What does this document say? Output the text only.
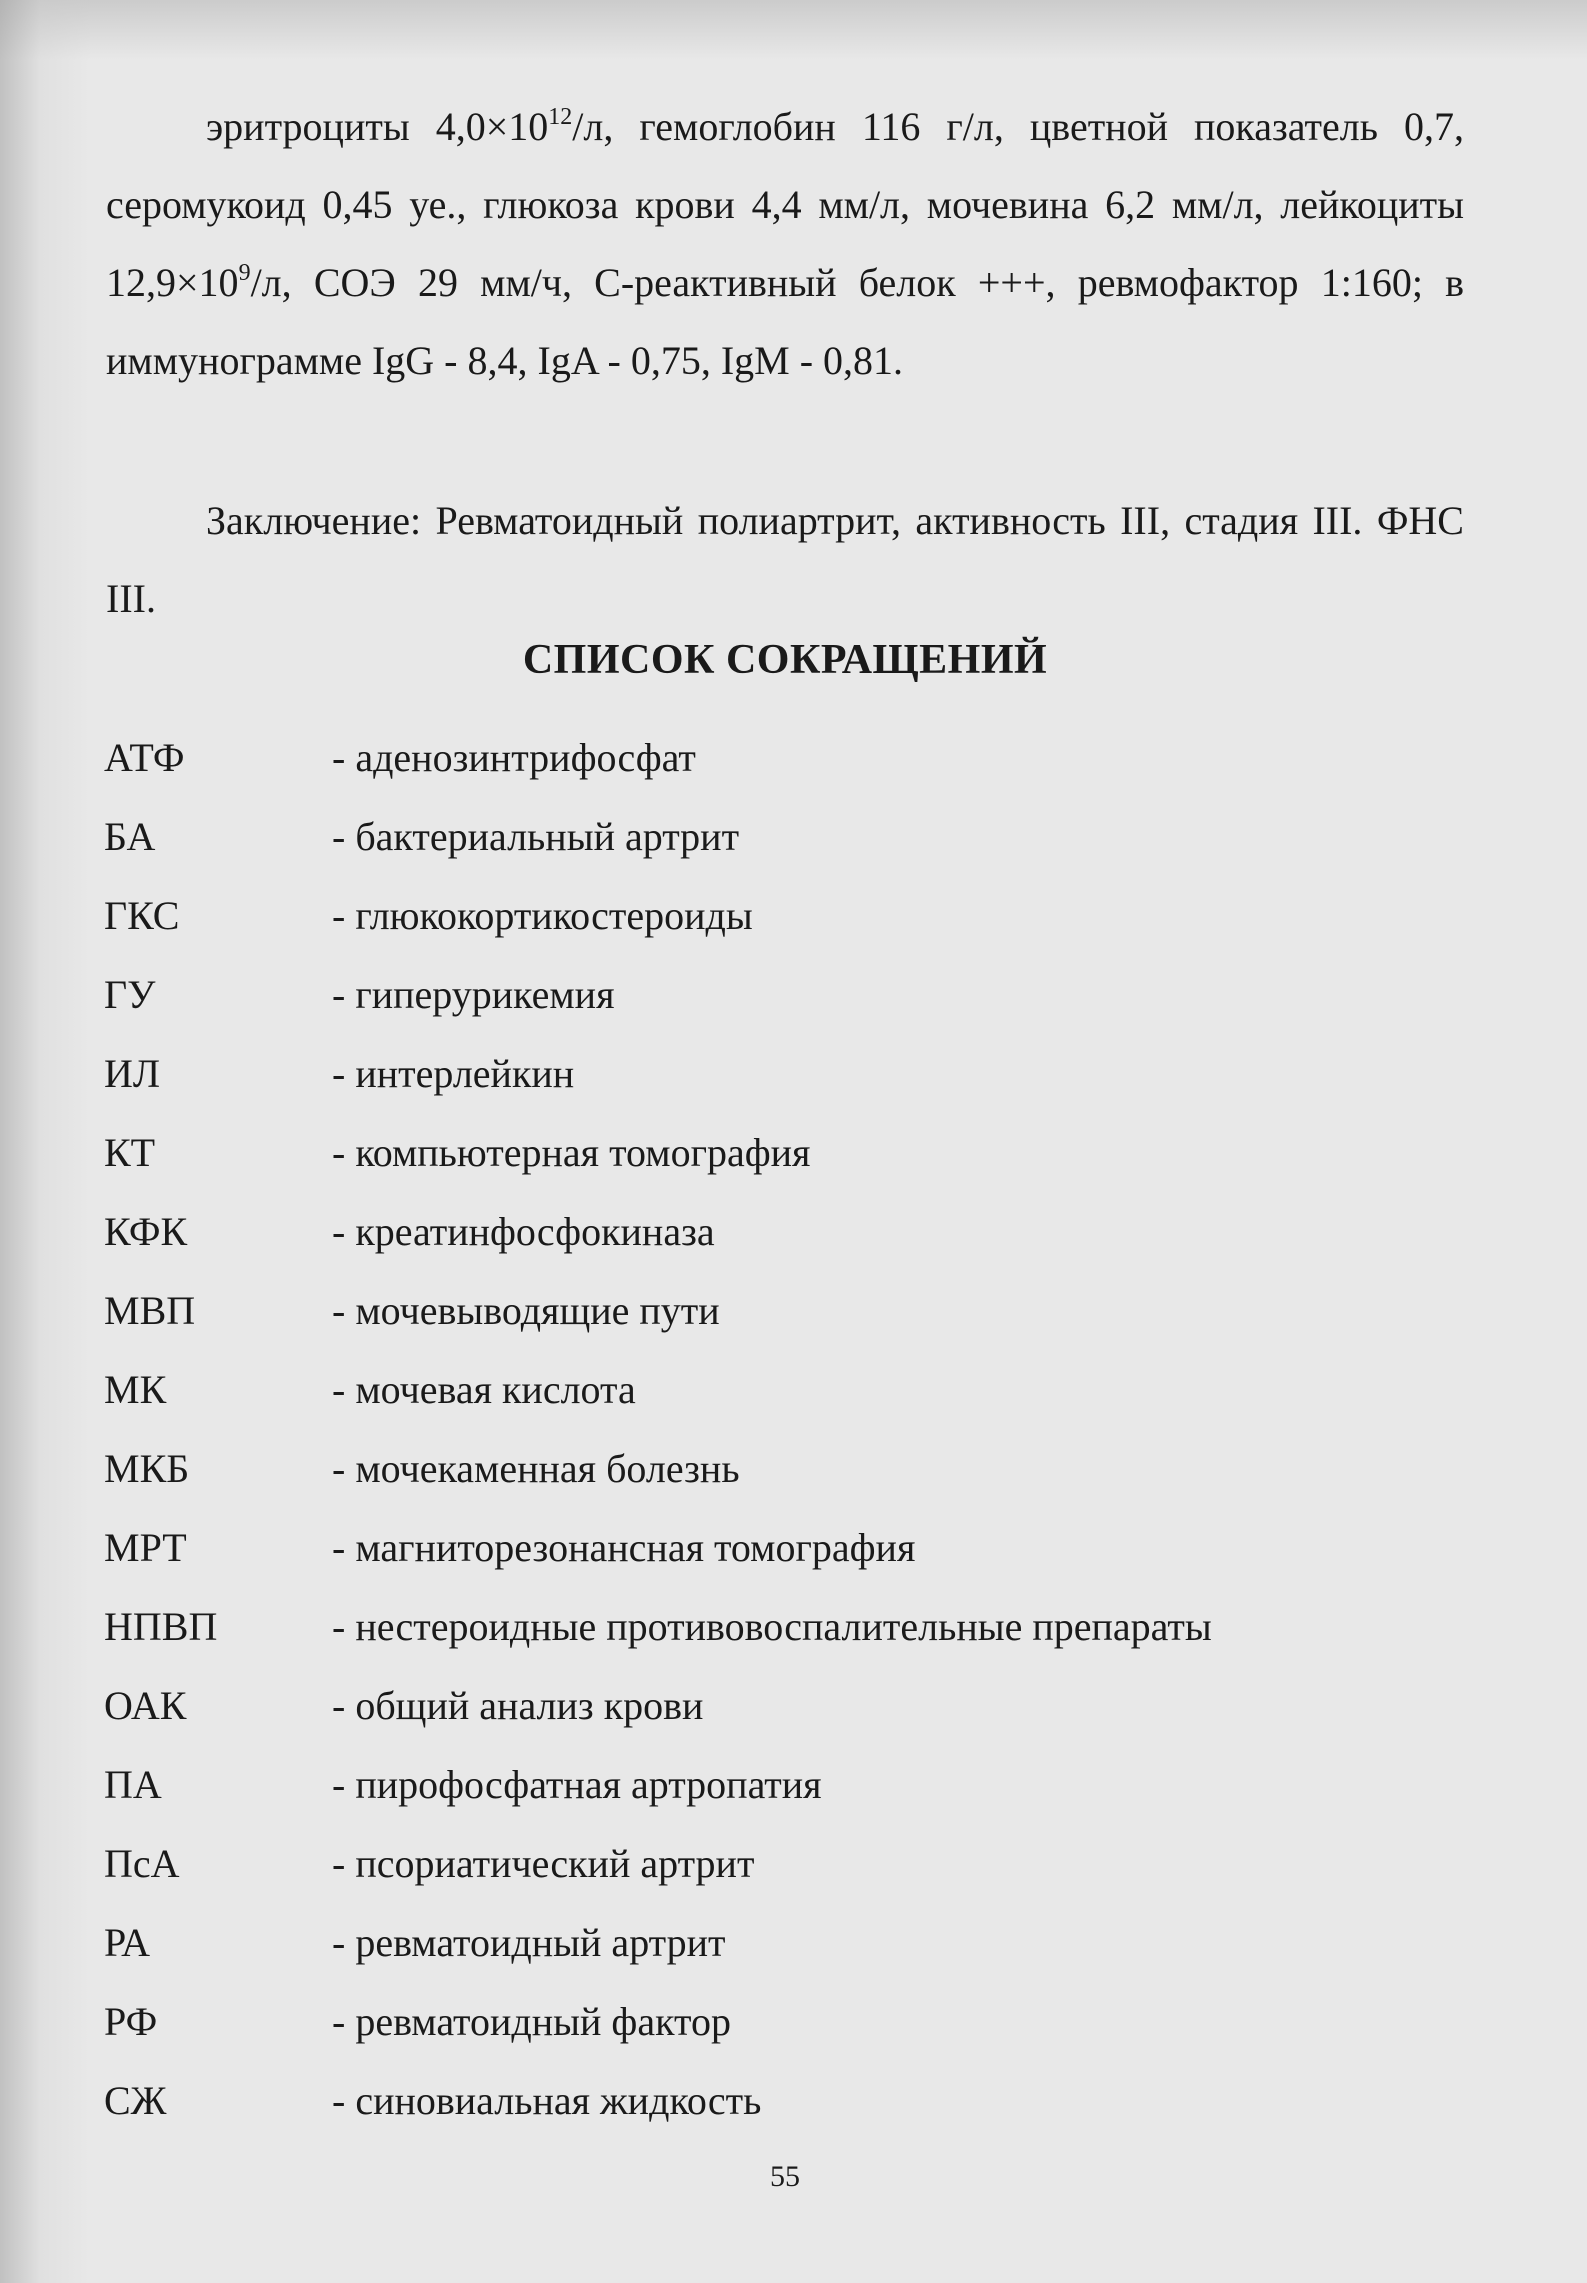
эритроциты $4,0\times 10^{12}/л$, гемоглобин 116 г/л, цветной показатель 0,7, серомукоид 0,45 уе., глюкоза крови 4,4 мм/л, мочевина 6,2 мм/л, лейкоциты $12,9\times 10^9/л$, СОЭ 29 мм/ч, С-реактивный белок +++, ревмофактор 1:160; в иммунограмме IgG - 8,4, IgA - 0,75, IgM - 0,81.
Заключение: Ревматоидный полиартрит, активность III, стадия III. ФНС III.
СПИСОК СОКРАЩЕНИЙ
АТФ	- аденозинтрифосфат
БА	- бактериальный артрит
ГКС	- глюкокортикостероиды
ГУ	- гиперурикемия
ИЛ	- интерлейкин
КТ	- компьютерная томография
КФК	- креатинфосфокиназа
МВП	- мочевыводящие пути
МК	- мочевая кислота
МКБ	- мочекаменная болезнь
МРТ	- магниторезонансная томография
НПВП	- нестероидные противовоспалительные препараты
ОАК	- общий анализ крови
ПА	- пирофосфатная артропатия
ПсА	- псориатический артрит
РА	- ревматоидный артрит
РФ	- ревматоидный фактор
СЖ	- синовиальная жидкость
55
